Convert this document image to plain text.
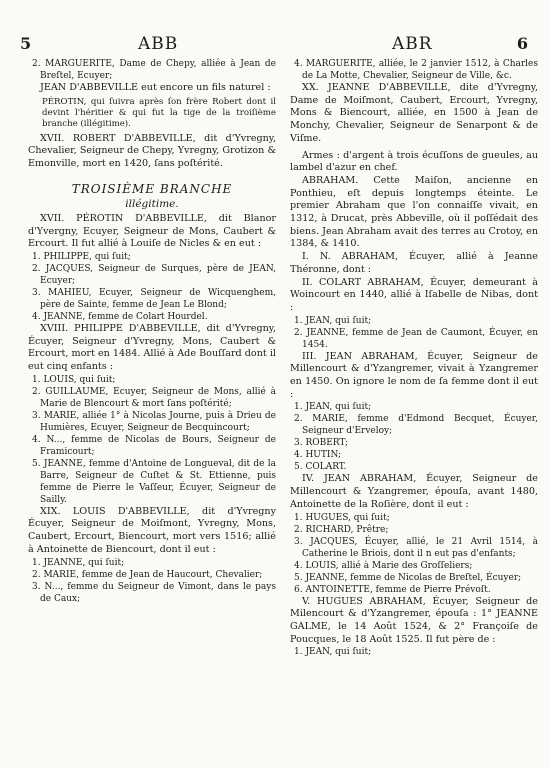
5	ABB	ABR	6

2. MARGUERITE, Dame de Chepy, alliée à Jean de Breſtel, Ecuyer;

JEAN D'ABBEVILLE eut encore un fils naturel :

PÉROTIN, qui ſuivra après ſon frère Robert dont il devint l'héritier & qui fut la tige de la troiſième branche (illégitime).

XVII. ROBERT D'ABBEVILLE, dit d'Yvregny, Chevalier, Seigneur de Chepy, Yvregny, Grotizon & Emonville, mort en 1420, ſans poſtérité.

TROISIÈME BRANCHE

illégitime.

XVII. PÉROTIN D'ABBEVILLE, dit Blanor d'Yvergny, Ecuyer, Seigneur de Mons, Caubert & Ercourt. Il fut allié à Louiſe de Nicles & en eut :

1. PHILIPPE, qui ſuit;

2. JACQUES, Seigneur de Surques, père de JEAN, Ecuyer;

3. MAHIEU, Ecuyer, Seigneur de Wicquenghem, père de Sainte, femme de Jean Le Blond;

4. JEANNE, femme de Colart Hourdel.

XVIII. PHILIPPE D'ABBEVILLE, dit d'Yvregny, Écuyer, Seigneur d'Yvregny, Mons, Caubert & Ercourt, mort en 1484. Allié à Ade Bouſſard dont il eut cinq enfants :

1. LOUIS, qui ſuit;

2. GUILLAUME, Ecuyer, Seigneur de Mons, allié à Marie de Blencourt & mort ſans poſtérité;

3. MARIE, alliée 1° à Nicolas Journe, puis à Drieu de Humières, Ecuyer, Seigneur de Becquincourt;

4. N..., femme de Nicolas de Bours, Seigneur de Framicourt;

5. JEANNE, femme d'Antoine de Longueval, dit de la Barre, Seigneur de Cuſtet & St. Ettienne, puis femme de Pierre le Vaſſeur, Écuyer, Seigneur de Sailly.

XIX. LOUIS D'ABBEVILLE, dit d'Yvregny Écuyer, Seigneur de Moiſmont, Yvregny, Mons, Caubert, Ercourt, Biencourt, mort vers 1516; allié à Antoinette de Biencourt, dont il eut :

1. JEANNE, qui ſuit;

2. MARIE, femme de Jean de Haucourt, Chevalier;

3. N..., femme du Seigneur de Vimont, dans le pays de Caux;

4. MARGUERITE, alliée, le 2 janvier 1512, à Charles de La Motte, Chevalier, Seigneur de Ville, &c.

XX. JEANNE D'ABBEVILLE, dite d'Yvregny, Dame de Moiſmont, Caubert, Ercourt, Yvregny, Mons & Biencourt, alliée, en 1500 à Jean de Monchy, Chevalier, Seigneur de Senarpont & de Viſme.

Armes : d'argent à trois écuſſons de gueules, au lambel d'azur en chef.

ABRAHAM. Cette Maiſon, ancienne en Ponthieu, eſt depuis longtemps éteinte. Le premier Abraham que l'on connaiſſe vivait, en 1312, à Drucat, près Abbeville, où il poſſédait des biens. Jean Abraham avait des terres au Crotoy, en 1384, & 1410.

I. N. ABRAHAM, Écuyer, allié à Jeanne Théronne, dont :

II. COLART ABRAHAM, Écuyer, demeurant à Woincourt en 1440, allié à Iſabelle de Nibas, dont :

1. JEAN, qui ſuit;

2. JEANNE, femme de Jean de Caumont, Écuyer, en 1454.

III. JEAN ABRAHAM, Écuyer, Seigneur de Millencourt & d'Yzangremer, vivait à Yzangremer en 1450. On ignore le nom de ſa femme dont il eut :

1. JEAN, qui ſuit;

2. MARIE, femme d'Edmond Becquet, Écuyer, Seigneur d'Erveloy;

3. ROBERT;

4. HUTIN;

5. COLART.

IV. JEAN ABRAHAM, Écuyer, Seigneur de Millencourt & Yzangremer, épouſa, avant 1480, Antoinette de la Roſière, dont il eut :

1. HUGUES, qui ſuit;

2. RICHARD, Prêtre;

3. JACQUES, Écuyer, allié, le 21 Avril 1514, à Catherine le Briois, dont il n eut pas d'enfants;

4. LOUIS, allié à Marie des Groſſeliers;

5. JEANNE, femme de Nicolas de Breſtel, Écuyer;

6. ANTOINETTE, femme de Pierre Prévoſt.

V. HUGUES ABRAHAM, Écuyer, Seigneur de Milencourt & d'Yzangremer, épouſa : 1° JEANNE GALME, le 14 Août 1524, & 2° Françoiſe de Poucques, le 18 Août 1525. Il fut père de :

1. JEAN, qui ſuit;
